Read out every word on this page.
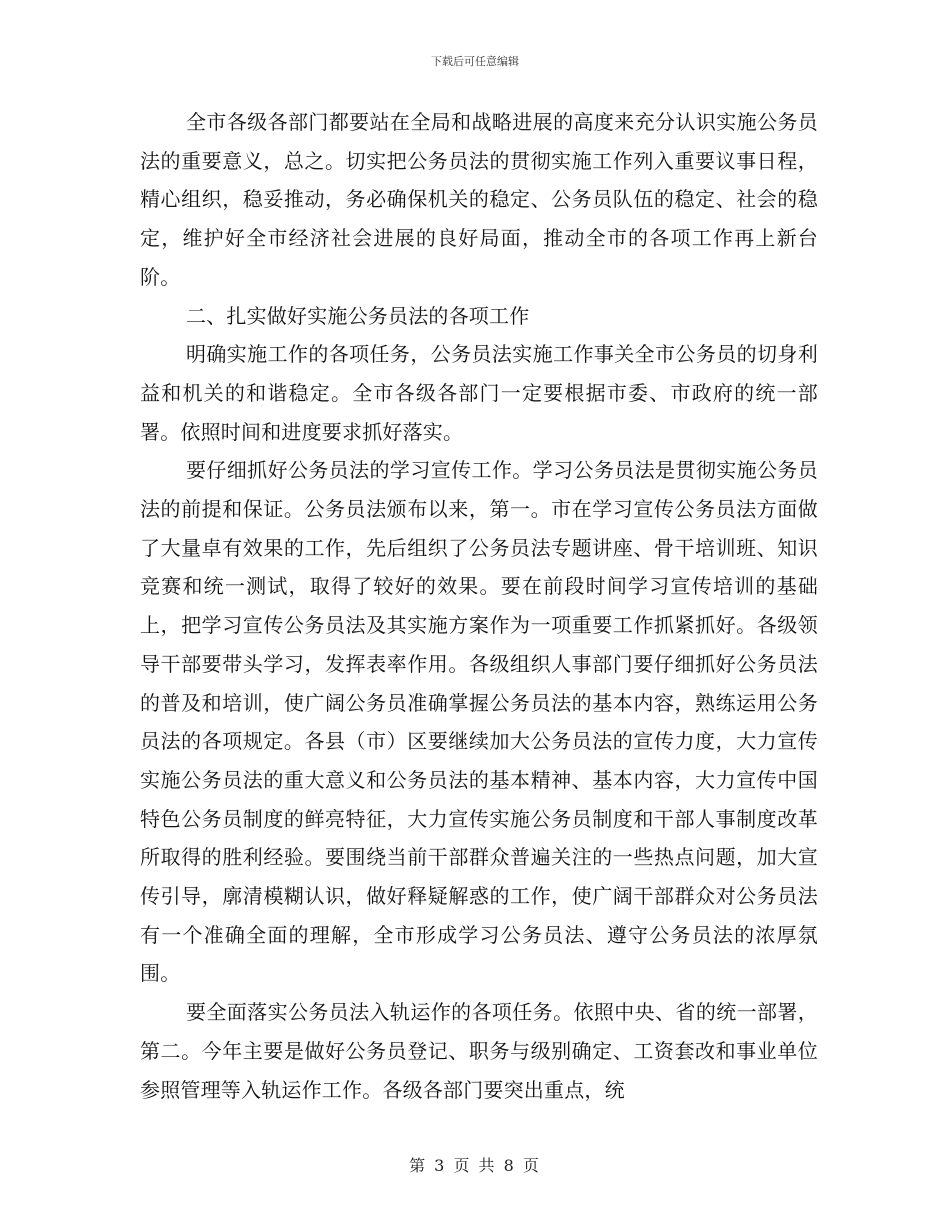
下载后可任意编辑

全市各级各部门都要站在全局和战略进展的高度来充分认识实施公务员法的重要意义，总之。切实把公务员法的贯彻实施工作列入重要议事日程，精心组织，稳妥推动，务必确保机关的稳定、公务员队伍的稳定、社会的稳定，维护好全市经济社会进展的良好局面，推动全市的各项工作再上新台阶。

二、扎实做好实施公务员法的各项工作

明确实施工作的各项任务，公务员法实施工作事关全市公务员的切身利益和机关的和谐稳定。全市各级各部门一定要根据市委、市政府的统一部署。依照时间和进度要求抓好落实。

要仔细抓好公务员法的学习宣传工作。学习公务员法是贯彻实施公务员法的前提和保证。公务员法颁布以来，第一。市在学习宣传公务员法方面做了大量卓有效果的工作，先后组织了公务员法专题讲座、骨干培训班、知识竞赛和统一测试，取得了较好的效果。要在前段时间学习宣传培训的基础上，把学习宣传公务员法及其实施方案作为一项重要工作抓紧抓好。各级领导干部要带头学习，发挥表率作用。各级组织人事部门要仔细抓好公务员法的普及和培训，使广阔公务员准确掌握公务员法的基本内容，熟练运用公务员法的各项规定。各县（市）区要继续加大公务员法的宣传力度，大力宣传实施公务员法的重大意义和公务员法的基本精神、基本内容，大力宣传中国特色公务员制度的鲜亮特征，大力宣传实施公务员制度和干部人事制度改革所取得的胜利经验。要围绕当前干部群众普遍关注的一些热点问题，加大宣传引导，廓清模糊认识，做好释疑解惑的工作，使广阔干部群众对公务员法有一个准确全面的理解，全市形成学习公务员法、遵守公务员法的浓厚氛围。

要全面落实公务员法入轨运作的各项任务。依照中央、省的统一部署，第二。今年主要是做好公务员登记、职务与级别确定、工资套改和事业单位参照管理等入轨运作工作。各级各部门要突出重点，统

第 3 页 共 8 页
